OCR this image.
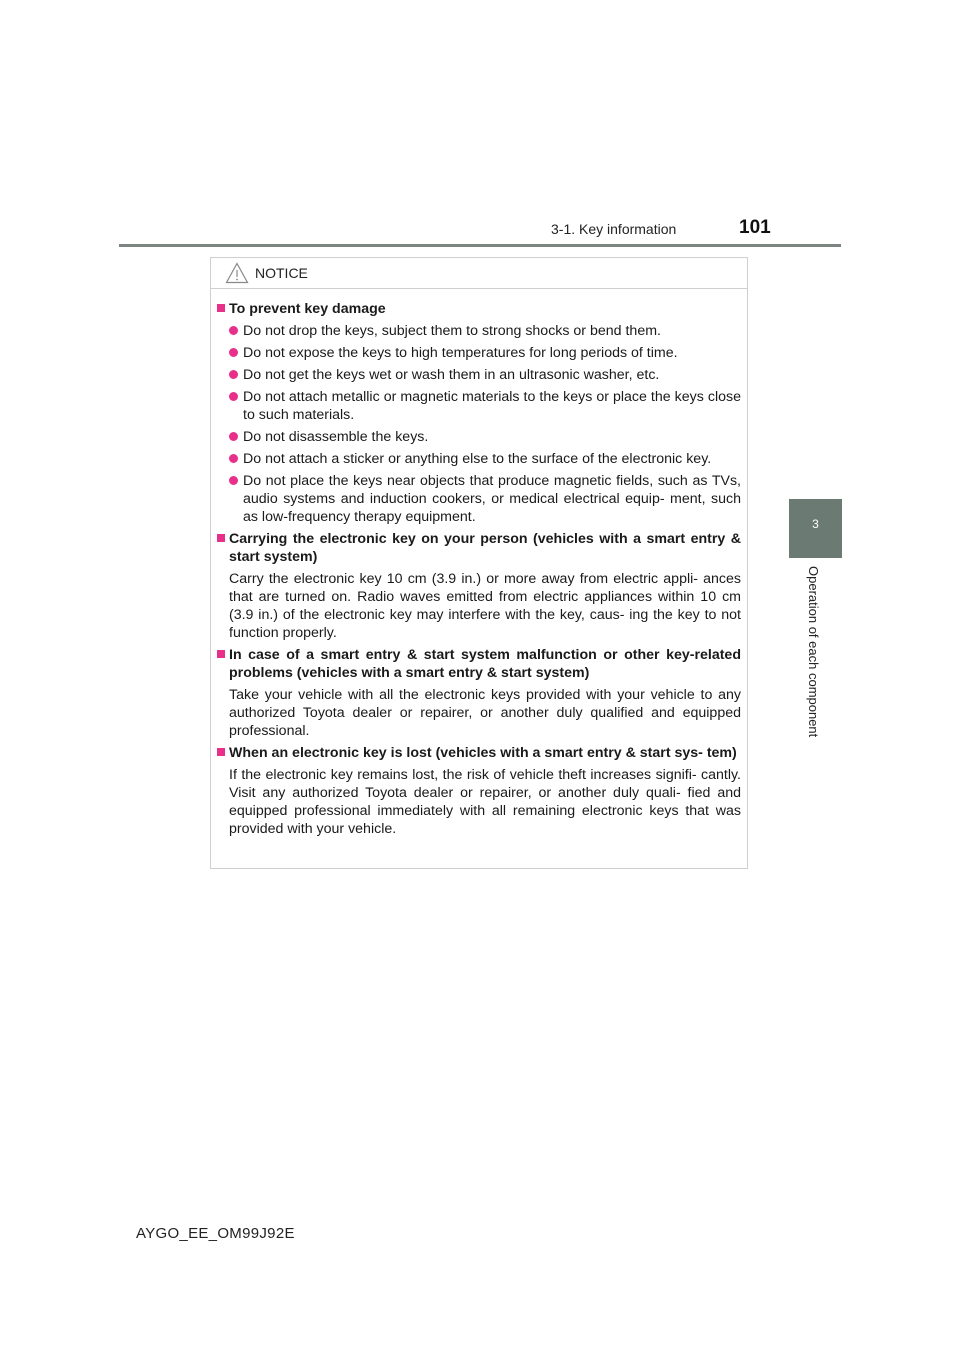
3-1. Key information	101
3
Operation of each component
NOTICE
To prevent key damage
Do not drop the keys, subject them to strong shocks or bend them.
Do not expose the keys to high temperatures for long periods of time.
Do not get the keys wet or wash them in an ultrasonic washer, etc.
Do not attach metallic or magnetic materials to the keys or place the keys close to such materials.
Do not disassemble the keys.
Do not attach a sticker or anything else to the surface of the electronic key.
Do not place the keys near objects that produce magnetic fields, such as TVs, audio systems and induction cookers, or medical electrical equip- ment, such as low-frequency therapy equipment.
Carrying the electronic key on your person (vehicles with a smart entry & start system)
Carry the electronic key 10 cm (3.9 in.) or more away from electric appli- ances that are turned on. Radio waves emitted from electric appliances within 10 cm (3.9 in.) of the electronic key may interfere with the key, caus- ing the key to not function properly.
In case of a smart entry & start system malfunction or other key-related problems (vehicles with a smart entry & start system)
Take your vehicle with all the electronic keys provided with your vehicle to any authorized Toyota dealer or repairer, or another duly qualified and equipped professional.
When an electronic key is lost (vehicles with a smart entry & start sys- tem)
If the electronic key remains lost, the risk of vehicle theft increases signifi- cantly. Visit any authorized Toyota dealer or repairer, or another duly quali- fied and equipped professional immediately with all remaining electronic keys that was provided with your vehicle.
AYGO_EE_OM99J92E
